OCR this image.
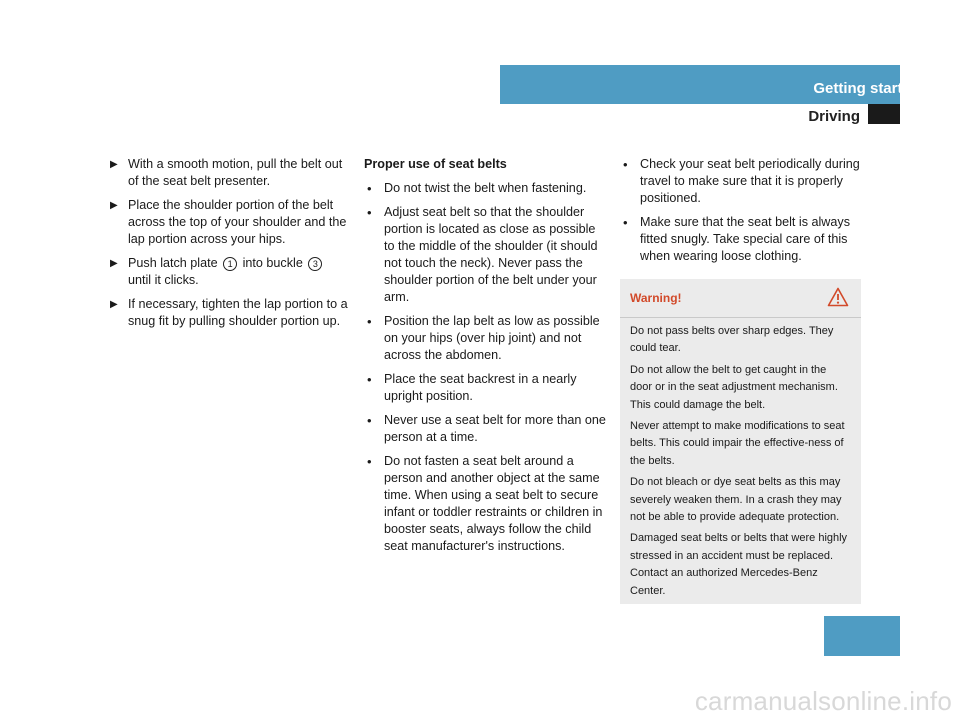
Getting started
Driving
▶ With a smooth motion, pull the belt out of the seat belt presenter.
▶ Place the shoulder portion of the belt across the top of your shoulder and the lap portion across your hips.
▶ Push latch plate 1 into buckle 3 until it clicks.
▶ If necessary, tighten the lap portion to a snug fit by pulling shoulder portion up.
Proper use of seat belts
• Do not twist the belt when fastening.
• Adjust seat belt so that the shoulder portion is located as close as possible to the middle of the shoulder (it should not touch the neck). Never pass the shoulder portion of the belt under your arm.
• Position the lap belt as low as possible on your hips (over hip joint) and not across the abdomen.
• Place the seat backrest in a nearly upright position.
• Never use a seat belt for more than one person at a time.
• Do not fasten a seat belt around a person and another object at the same time. When using a seat belt to secure infant or toddler restraints or children in booster seats, always follow the child seat manufacturer's instructions.
• Check your seat belt periodically during travel to make sure that it is properly positioned.
• Make sure that the seat belt is always fitted snugly. Take special care of this when wearing loose clothing.
Warning!

Do not pass belts over sharp edges. They could tear.

Do not allow the belt to get caught in the door or in the seat adjustment mechanism. This could damage the belt.

Never attempt to make modifications to seat belts. This could impair the effective-ness of the belts.

Do not bleach or dye seat belts as this may severely weaken them. In a crash they may not be able to provide adequate protection.

Damaged seat belts or belts that were highly stressed in an accident must be replaced. Contact an authorized Mercedes-Benz Center.

49
carmanualsonline.info
